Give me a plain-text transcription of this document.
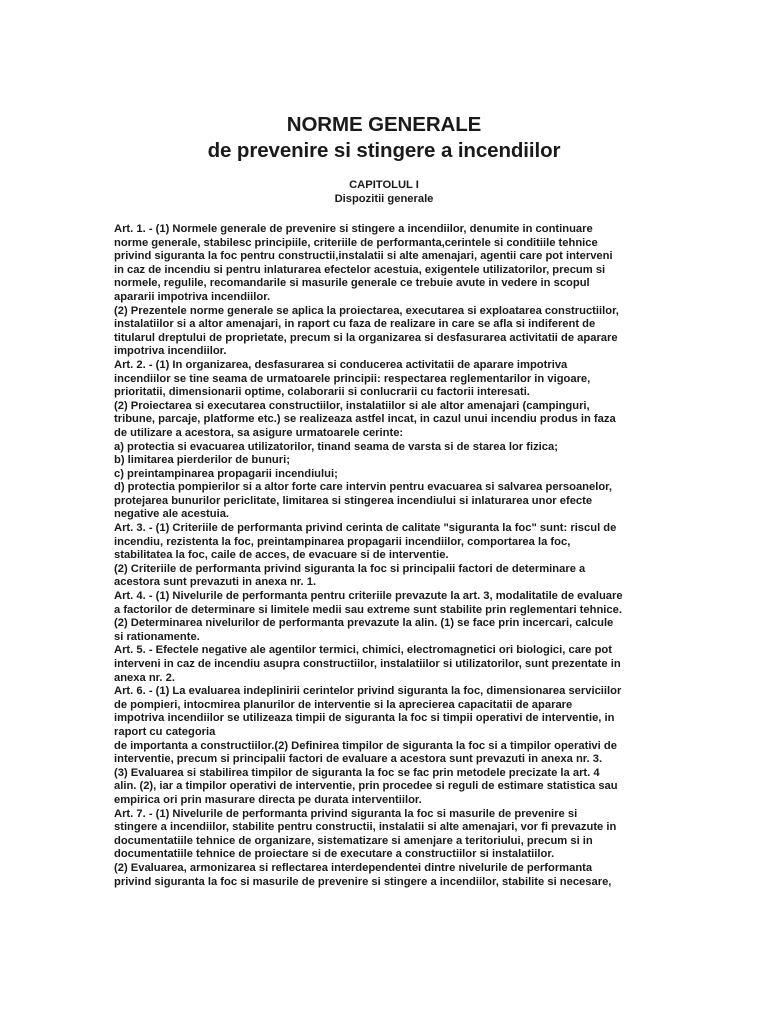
NORME GENERALE
de prevenire si stingere a incendiilor
CAPITOLUL I
Dispozitii generale
Art. 1. - (1) Normele generale de prevenire si stingere a incendiilor, denumite in continuare
norme generale, stabilesc principiile, criteriile de performanta,cerintele si conditiile tehnice
privind siguranta la foc pentru constructii,instalatii si alte amenajari, agentii care pot interveni
in caz de incendiu si pentru inlaturarea efectelor acestuia, exigentele utilizatorilor, precum si
normele, regulile, recomandarile si masurile generale ce trebuie avute in vedere in scopul
apararii impotriva incendiilor.
(2) Prezentele norme generale se aplica la proiectarea, executarea si exploatarea constructiilor,
instalatiilor si a altor amenajari, in raport cu faza de realizare in care se afla si indiferent de
titularul dreptului de proprietate, precum si la organizarea si desfasurarea activitatii de aparare
impotriva incendiilor.
Art. 2. - (1) In organizarea, desfasurarea si conducerea activitatii de aparare impotriva
incendiilor se tine seama de urmatoarele principii: respectarea reglementarilor in vigoare,
prioritatii, dimensionarii optime, colaborarii si conlucrarii cu factorii interesati.
(2) Proiectarea si executarea constructiilor, instalatiilor si ale altor amenajari (campinguri,
tribune, parcaje, platforme etc.) se realizeaza astfel incat, in cazul unui incendiu produs in faza
de utilizare a acestora, sa asigure urmatoarele cerinte:
a) protectia si evacuarea utilizatorilor, tinand seama de varsta si de starea lor fizica;
b) limitarea pierderilor de bunuri;
c) preintampinarea propagarii incendiului;
d) protectia pompierilor si a altor forte care intervin pentru evacuarea si salvarea persoanelor,
protejarea bunurilor periclitate, limitarea si stingerea incendiului si inlaturarea unor efecte
negative ale acestuia.
Art. 3. - (1) Criteriile de performanta privind cerinta de calitate "siguranta la foc" sunt: riscul de
incendiu, rezistenta la foc, preintampinarea propagarii incendiilor, comportarea la foc,
stabilitatea la foc, caile de acces, de evacuare si de interventie.
(2) Criteriile de performanta privind siguranta la foc si principalii factori de determinare a
acestora sunt prevazuti in anexa nr. 1.
Art. 4. - (1) Nivelurile de performanta pentru criteriile prevazute la art. 3, modalitatile de evaluare
a factorilor de determinare si limitele medii sau extreme sunt stabilite prin reglementari tehnice.
(2) Determinarea nivelurilor de performanta prevazute la alin. (1) se face prin incercari, calcule
si rationamente.
Art. 5. - Efectele negative ale agentilor termici, chimici, electromagnetici ori biologici, care pot
interveni in caz de incendiu asupra constructiilor, instalatiilor si utilizatorilor, sunt prezentate in
anexa nr. 2.
Art. 6. - (1) La evaluarea indeplinirii cerintelor privind siguranta la foc, dimensionarea serviciilor
de pompieri, intocmirea planurilor de interventie si la aprecierea capacitatii de aparare
impotriva incendiilor se utilizeaza timpii de siguranta la foc si timpii operativi de interventie, in
raport cu categoria
de importanta a constructiilor.(2) Definirea timpilor de siguranta la foc si a timpilor operativi de
interventie, precum si principalii factori de evaluare a acestora sunt prevazuti in anexa nr. 3.
(3) Evaluarea si stabilirea timpilor de siguranta la foc se fac prin metodele precizate la art. 4
alin. (2), iar a timpilor operativi de interventie, prin procedee si reguli de estimare statistica sau
empirica ori prin masurare directa pe durata interventiilor.
Art. 7. - (1) Nivelurile de performanta privind siguranta la foc si masurile de prevenire si
stingere a incendiilor, stabilite pentru constructii, instalatii si alte amenajari, vor fi prevazute in
documentatiile tehnice de organizare, sistematizare si amenjare a teritoriului, precum si in
documentatiile tehnice de proiectare si de executare a constructiilor si instalatiilor.
(2) Evaluarea, armonizarea si reflectarea interdependentei dintre nivelurile de performanta
privind siguranta la foc si masurile de prevenire si stingere a incendiilor, stabilite si necesare,
